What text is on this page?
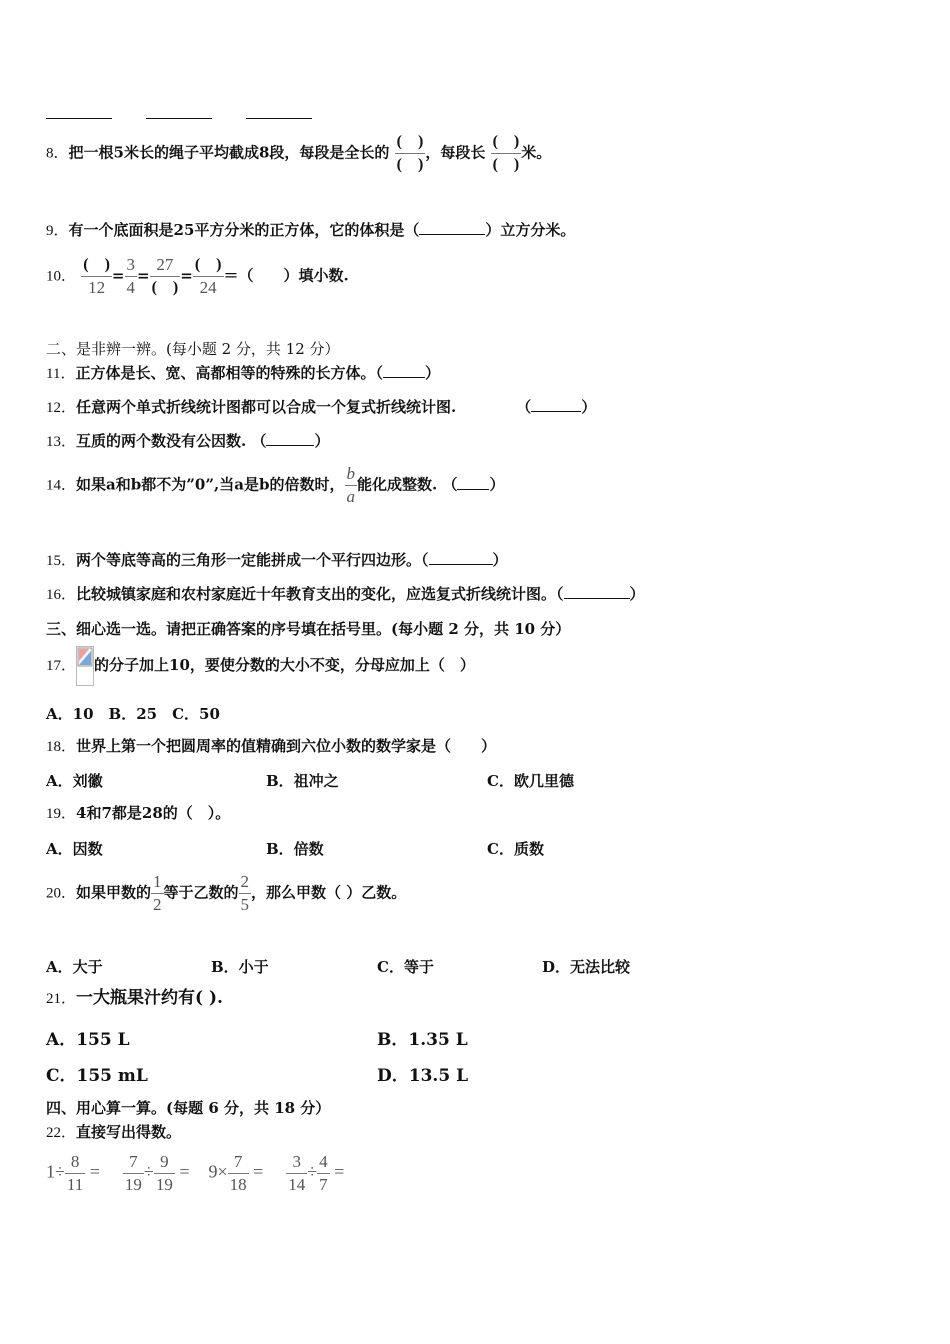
8．把一根5米长的绳子平均截成8段，每段是全长的 $\frac{( )}{( )}$ ，每段长 $\frac{( )}{( )}$ 米。
9．有一个底面积是25平方分米的正方体，它的体积是（	）立方分米。
10． $\frac{( )}{12} = \frac{3}{4} = \frac{27}{( )} = \frac{( )}{24}$ ＝（　　）填小数.
二、是非辨一辨。(每小题 2 分，共 12 分）
11．正方体是长、宽、高都相等的特殊的长方体。（	）
12．任意两个单式折线统计图都可以合成一个复式折线统计图.	（	）
13．互质的两个数没有公因数. （	）
14．如果a和b都不为”0”,当a是b的倍数时， $\frac{b}{a}$ 能化成整数. （ ）
15．两个等底等高的三角形一定能拼成一个平行四边形。（	）
16．比较城镇家庭和农村家庭近十年教育支出的变化，应选复式折线统计图。（	）
三、细心选一选。请把正确答案的序号填在括号里。(每小题 2 分，共 10 分）
17． 的分子加上10，要使分数的大小不变，分母应加上（　）
A．10　B．25　C．50
18．世界上第一个把圆周率的值精确到六位小数的数学家是（　　）
A．刘徽	B．祖冲之	C．欧几里德
19．4和7都是28的（　）。
A．因数	B．倍数	C．质数
20．如果甲数的 $\frac{1}{2}$ 等于乙数的 $\frac{2}{5}$ ，那么甲数（ ）乙数。
A．大于	B．小于	C．等于	D．无法比较
21．一大瓶果汁约有( ).
A．155 L	B．1.35 L
C．155 mL	D．13.5 L
四、用心算一算。(每题 6 分，共 18 分）
22．直接写出得数。
$1\div \frac{8}{11} = \frac{7}{19} \div \frac{9}{19} = 9\times \frac{7}{18} = \frac{3}{14} \div \frac{4}{7}$ =
